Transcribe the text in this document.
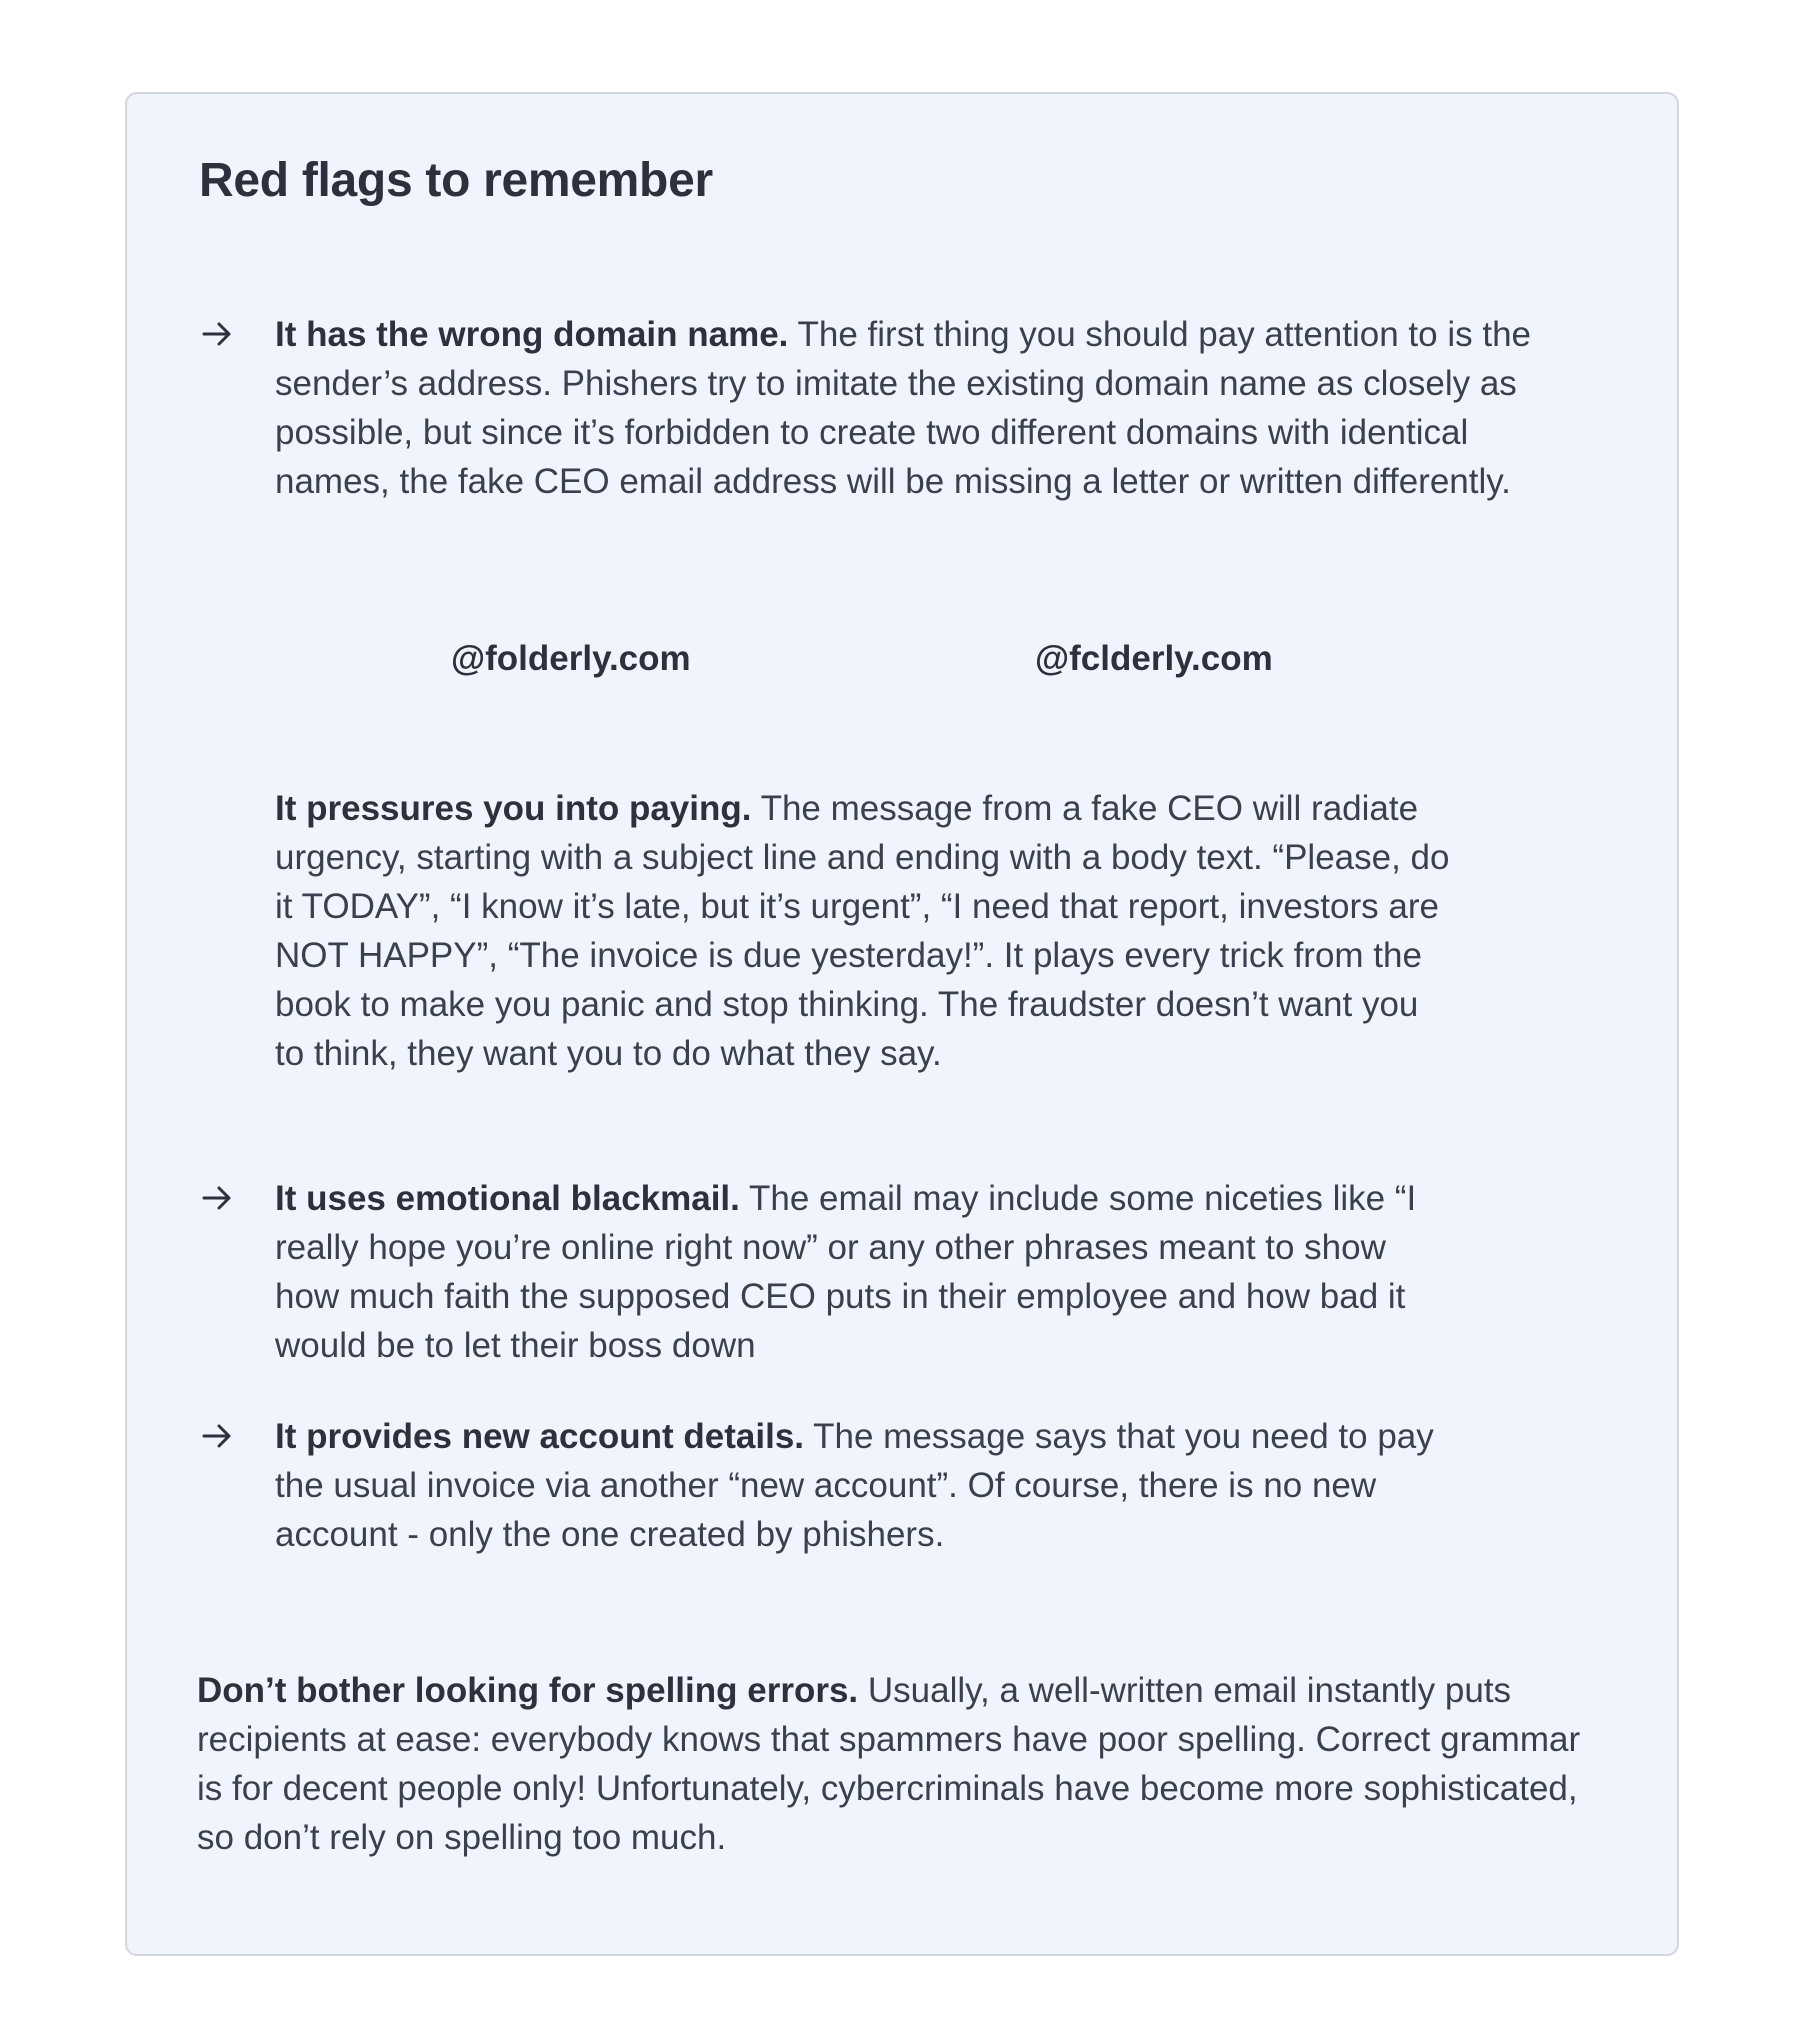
Red flags to remember

It has the wrong domain name. The first thing you should pay attention to is the sender’s address. Phishers try to imitate the existing domain name as closely as possible, but since it’s forbidden to create two different domains with identical names, the fake CEO email address will be missing a letter or written differently.

@folderly.com	@fclderly.com

It pressures you into paying. The message from a fake CEO will radiate urgency, starting with a subject line and ending with a body text. “Please, do it TODAY”, “I know it’s late, but it’s urgent”, “I need that report, investors are NOT HAPPY”, “The invoice is due yesterday!”. It plays every trick from the book to make you panic and stop thinking. The fraudster doesn’t want you to think, they want you to do what they say.

It uses emotional blackmail. The email may include some niceties like “I really hope you’re online right now” or any other phrases meant to show how much faith the supposed CEO puts in their employee and how bad it would be to let their boss down

It provides new account details. The message says that you need to pay the usual invoice via another “new account”. Of course, there is no new account - only the one created by phishers.

Don’t bother looking for spelling errors. Usually, a well-written email instantly puts recipients at ease: everybody knows that spammers have poor spelling. Correct grammar is for decent people only! Unfortunately, cybercriminals have become more sophisticated, so don’t rely on spelling too much.
